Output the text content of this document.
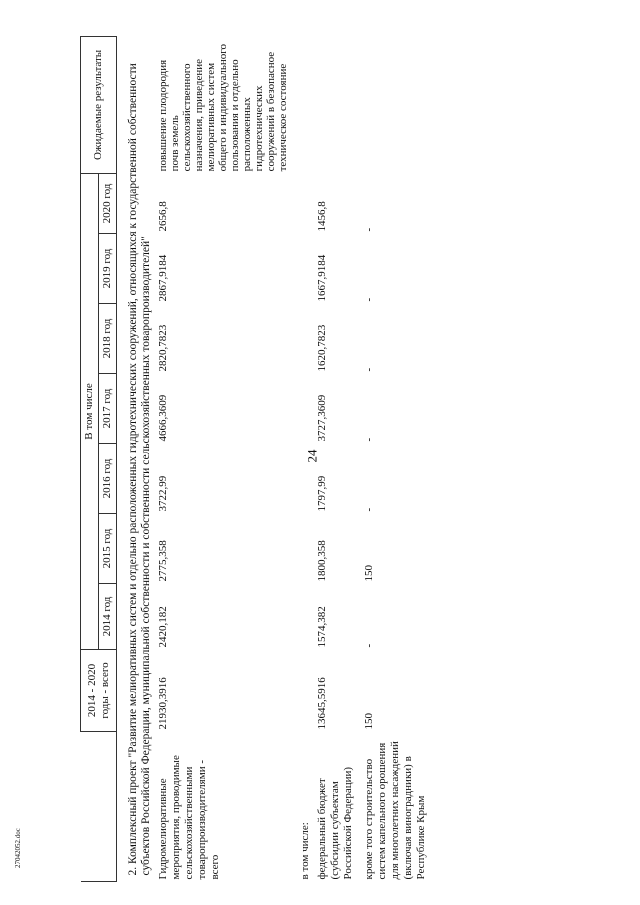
24
	2014 - 2020 годы - всего	В том числе							Ожидаемые результаты
		2014 год	2015 год	2016 год	2017 год	2018 год	2019 год	2020 год	
2. Комплексный проект "Развитие мелиоративных систем и отдельно расположенных гидротехнических сооружений, относящихся к государственной собственности субъектов Российской Федерации, муниципальной собственности и собственности сельскохозяйственных товаропроизводителей"									
Гидромелиоративные мероприятия, проводимые сельскохозяйственными товаропроизводителями - всего	21930,3916	2420,182	2775,358	3722,99	4666,3609	2820,7823	2867,9184	2656,8	повышение плодородия почв земель сельскохозяйственного назначения, приведение мелиоративных систем общего и индивидуального пользования и отдельно расположенных гидротехнических сооружений в безопасное техническое состояние
в том числе:									
федеральный бюджет (субсидии субъектам Российской Федерации)	13645,5916	1574,382	1800,358	1797,99	3727,3609	1620,7823	1667,9184	1456,8	
кроме того строительство систем капельного орошения для многолетних насаждений (включая виноградники) в Республике Крым	150	-	150	-	-	-	-	-	
27042052.doc
